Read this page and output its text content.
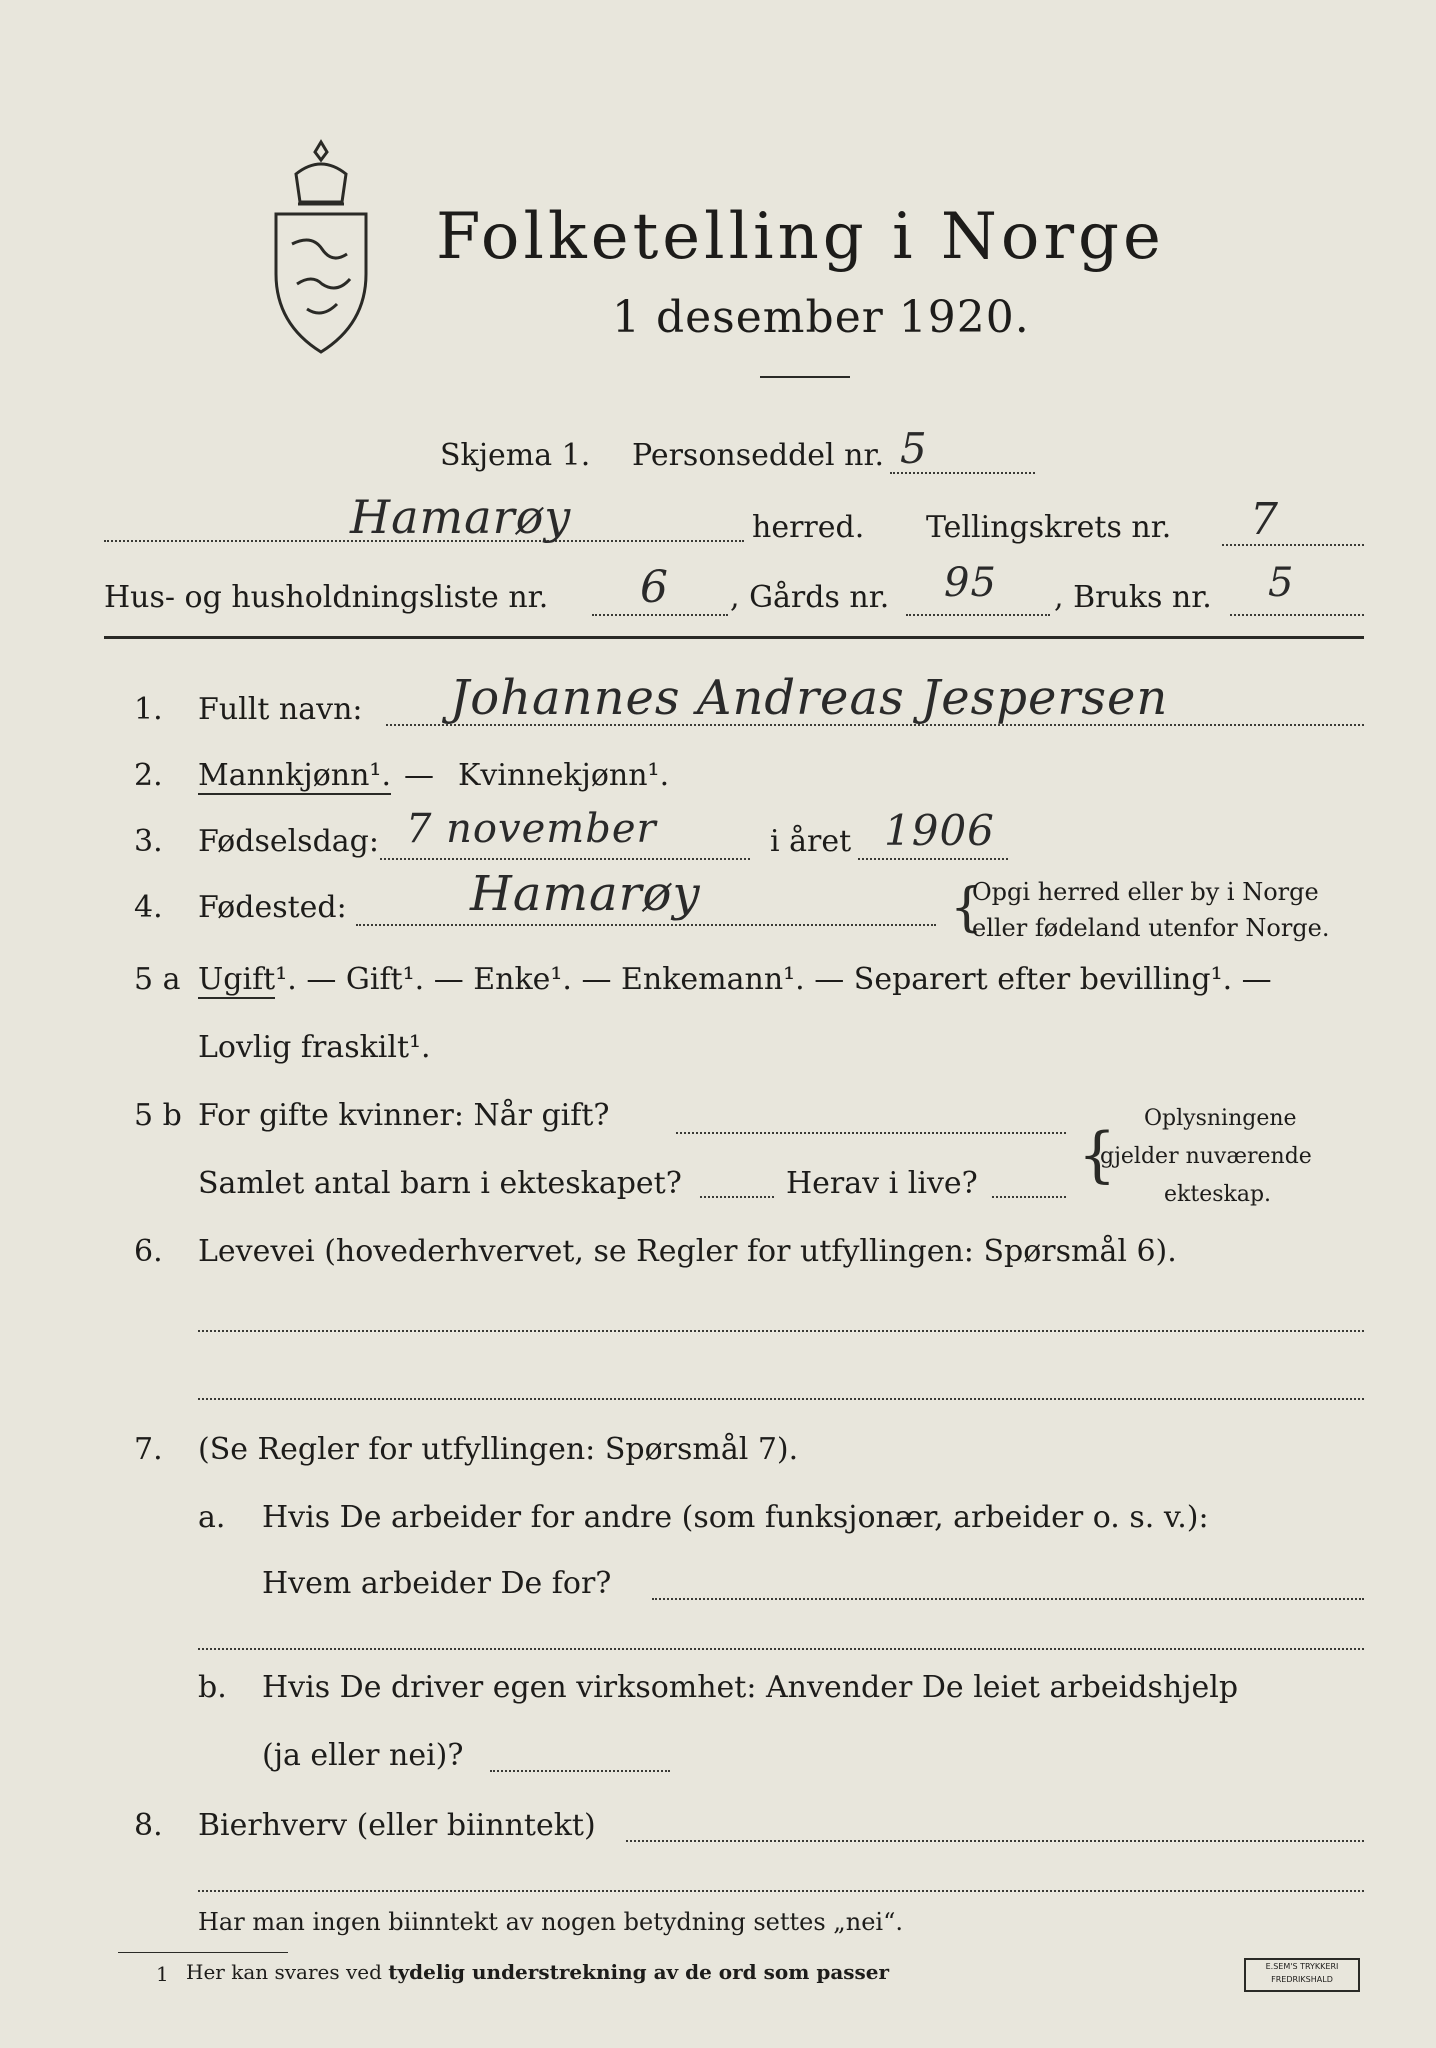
Folketelling i Norge
1 desember 1920.
Skjema 1. Personseddel nr. 5
Hamarøy	herred. Tellingskrets nr. 7
Hus- og husholdningsliste nr. 6 , Gårds nr. 95 , Bruks nr. 5
1. Fullt navn: Johannes Andreas Jespersen
2. Mannkjønn¹. — Kvinnekjønn¹.
3. Fødselsdag: 7 november	i året 1906
4. Fødested:	Hamarøy	{
Opgi herred eller by i Norge
eller fødeland utenfor Norge.
5 a Ugift¹. — Gift¹. — Enke¹. — Enkemann¹. — Separert efter bevilling¹. —
Lovlig fraskilt¹.
5 b For gifte kvinner: Når gift?
Samlet antal barn i ekteskapet?	Herav i live? {
Oplysningene
gjelder nuværende
ekteskap.
6. Levevei (hovederhvervet, se Regler for utfyllingen: Spørsmål 6).
7. (Se Regler for utfyllingen: Spørsmål 7).
a. Hvis De arbeider for andre (som funksjonær, arbeider o. s. v.):
Hvem arbeider De for?
b. Hvis De driver egen virksomhet: Anvender De leiet arbeidshjelp
(ja eller nei)?
8. Bierhverv (eller biinntekt)
Har man ingen biinntekt av nogen betydning settes „nei“.
1 Her kan svares ved tydelig understrekning av de ord som passer	E.SEM'S TRYKKERI
FREDRIKSHALD
